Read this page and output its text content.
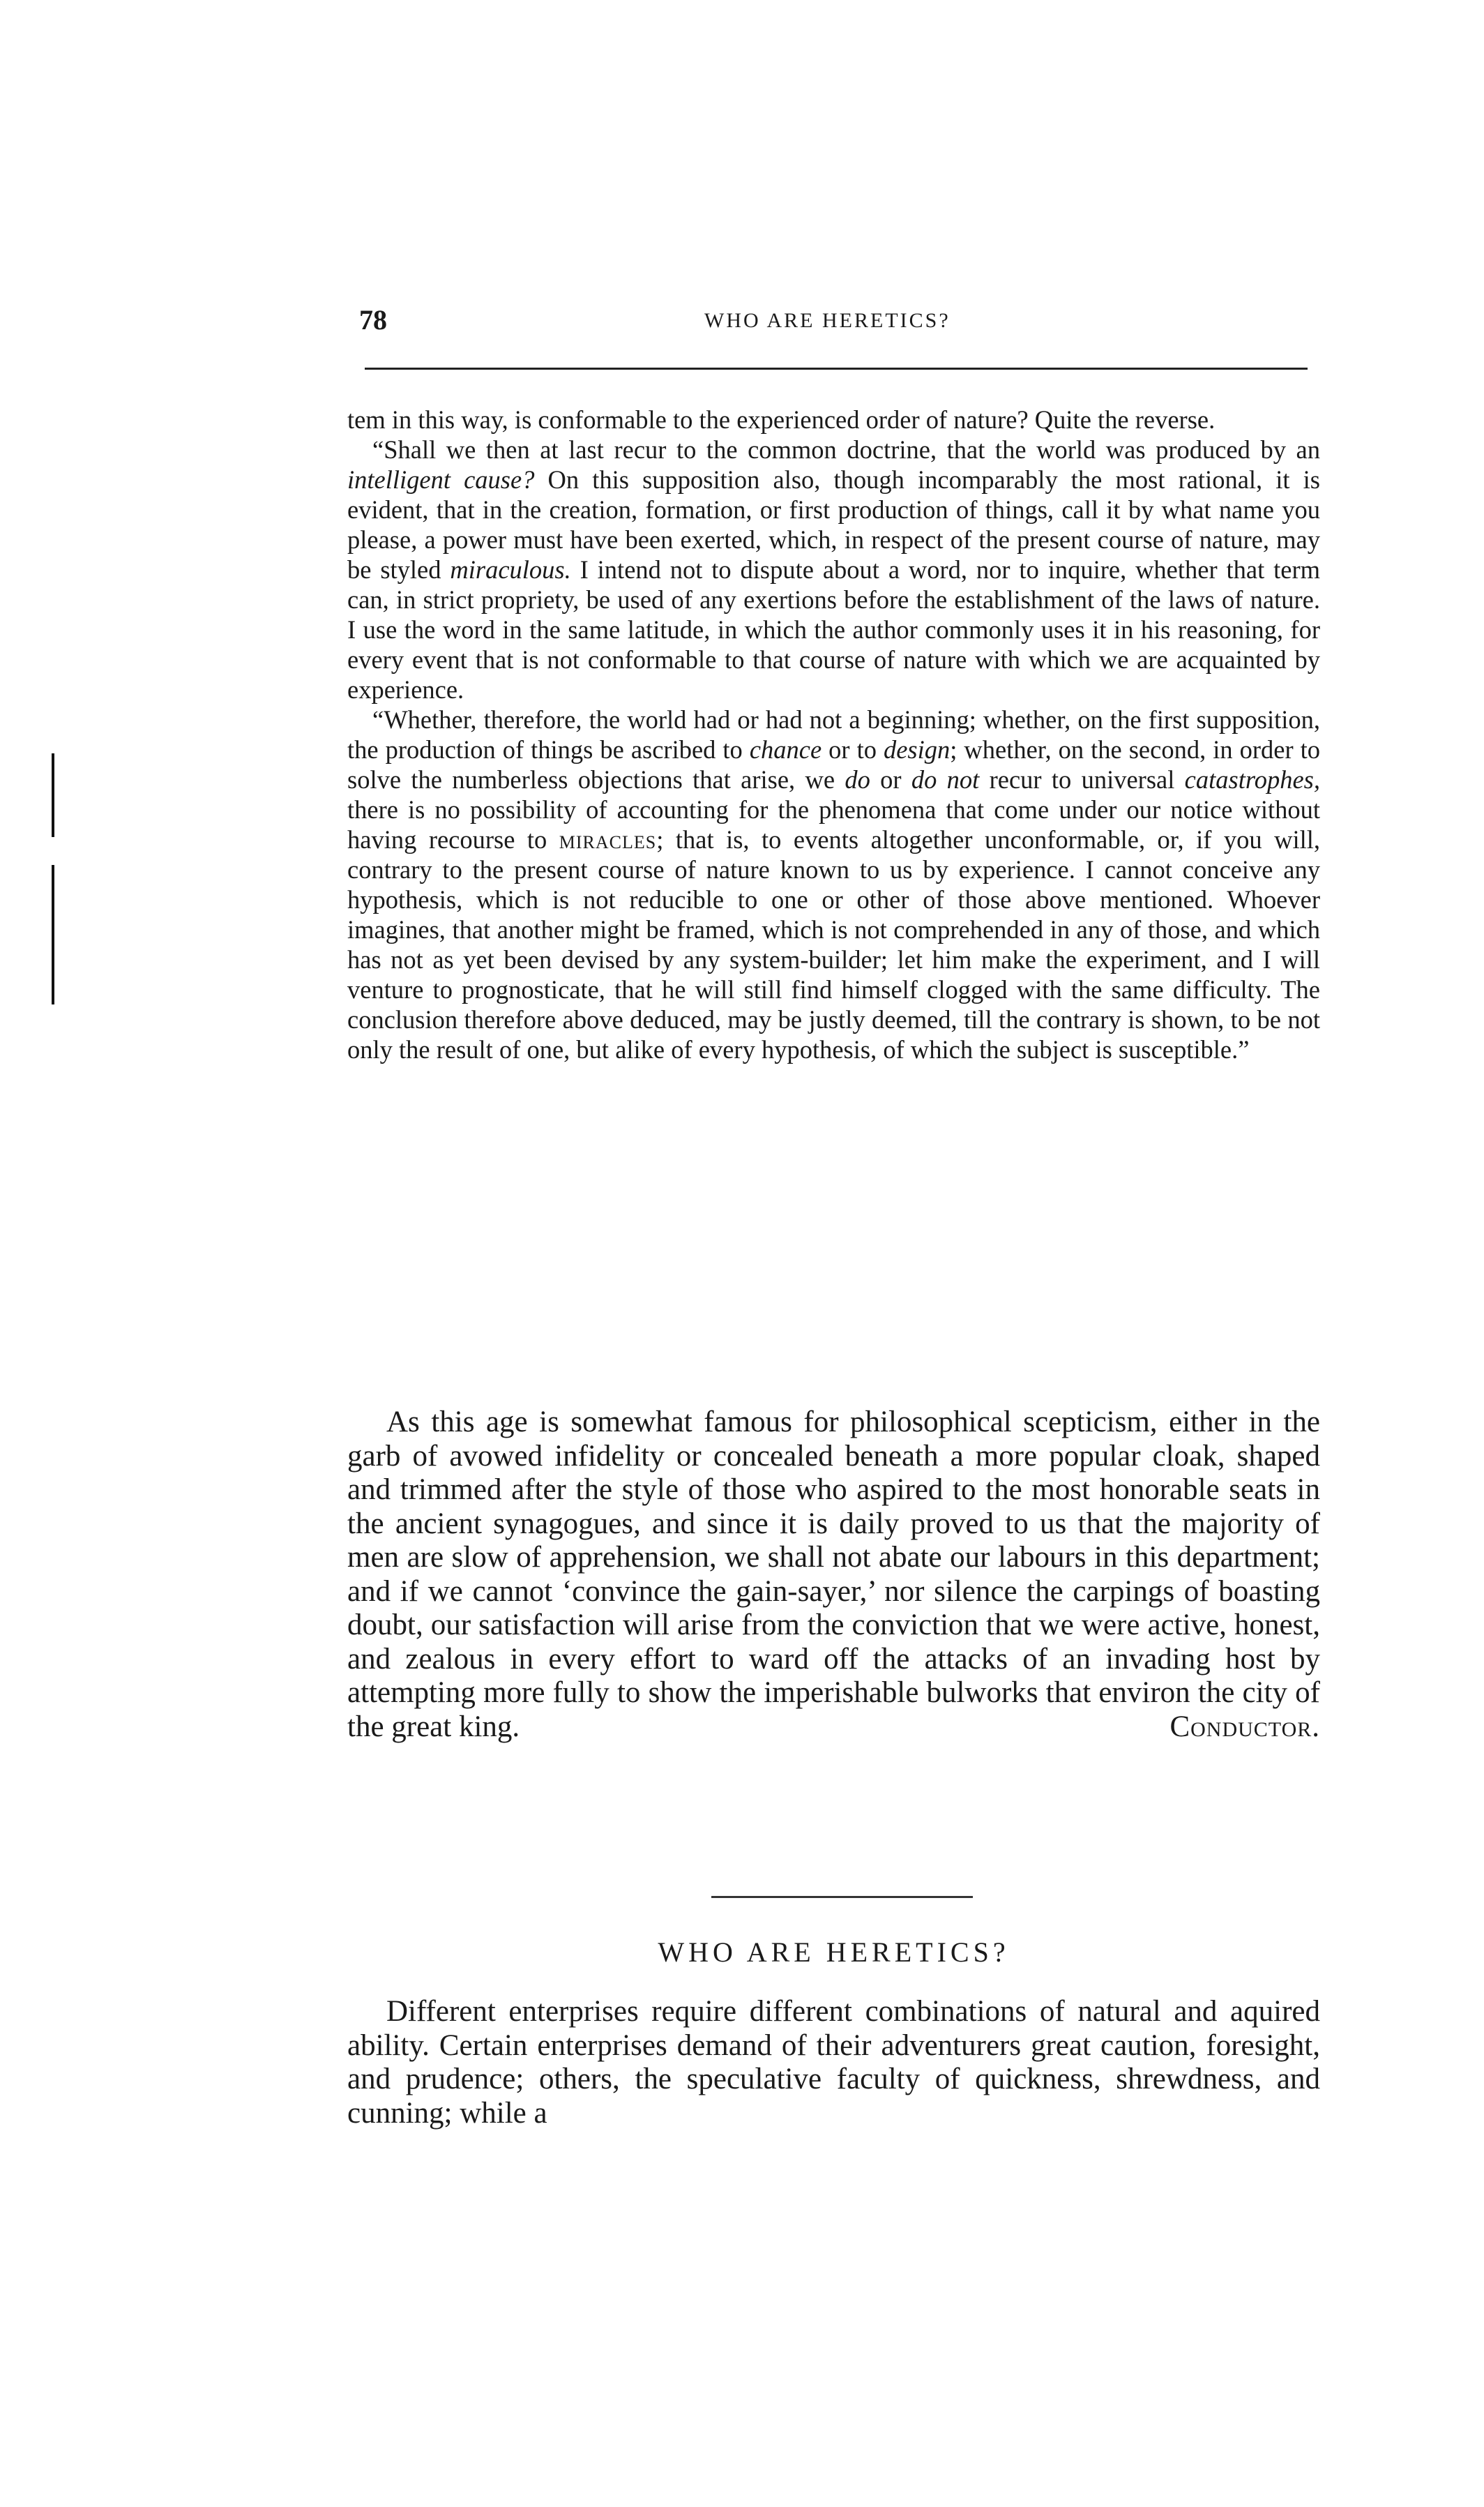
78	WHO ARE HERETICS?

tem in this way, is conformable to the experienced order of nature? Quite the reverse.

“Shall we then at last recur to the common doctrine, that the world was produced by an intelligent cause? On this supposition also, though incomparably the most rational, it is evident, that in the creation, formation, or first production of things, call it by what name you please, a power must have been exerted, which, in respect of the present course of nature, may be styled miraculous. I intend not to dispute about a word, nor to inquire, whether that term can, in strict propriety, be used of any exertions before the establishment of the laws of nature. I use the word in the same latitude, in which the author commonly uses it in his reasoning, for every event that is not conformable to that course of nature with which we are acquainted by experience.

“Whether, therefore, the world had or had not a beginning; whether, on the first supposition, the production of things be ascribed to chance or to design; whether, on the second, in order to solve the numberless objections that arise, we do or do not recur to universal catastrophes, there is no possibility of accounting for the phenomena that come under our notice without having recourse to miracles; that is, to events altogether unconformable, or, if you will, contrary to the present course of nature known to us by experience. I cannot conceive any hypothesis, which is not reducible to one or other of those above mentioned. Whoever imagines, that another might be framed, which is not comprehended in any of those, and which has not as yet been devised by any system-builder; let him make the experiment, and I will venture to prognosticate, that he will still find himself clogged with the same difficulty. The conclusion therefore above deduced, may be justly deemed, till the contrary is shown, to be not only the result of one, but alike of every hypothesis, of which the subject is susceptible.”

As this age is somewhat famous for philosophical scepticism, either in the garb of avowed infidelity or concealed beneath a more popular cloak, shaped and trimmed after the style of those who aspired to the most honorable seats in the ancient synagogues, and since it is daily proved to us that the majority of men are slow of apprehension, we shall not abate our labours in this department; and if we cannot ‘convince the gain-sayer,’ nor silence the carpings of boasting doubt, our satisfaction will arise from the conviction that we were active, honest, and zealous in every effort to ward off the attacks of an invading host by attempting more fully to show the imperishable bulworks that environ the city of the great king.	Conductor.

WHO ARE HERETICS?

Different enterprises require different combinations of natural and aquired ability. Certain enterprises demand of their adventurers great caution, foresight, and prudence; others, the speculative faculty of quickness, shrewdness, and cunning; while a
